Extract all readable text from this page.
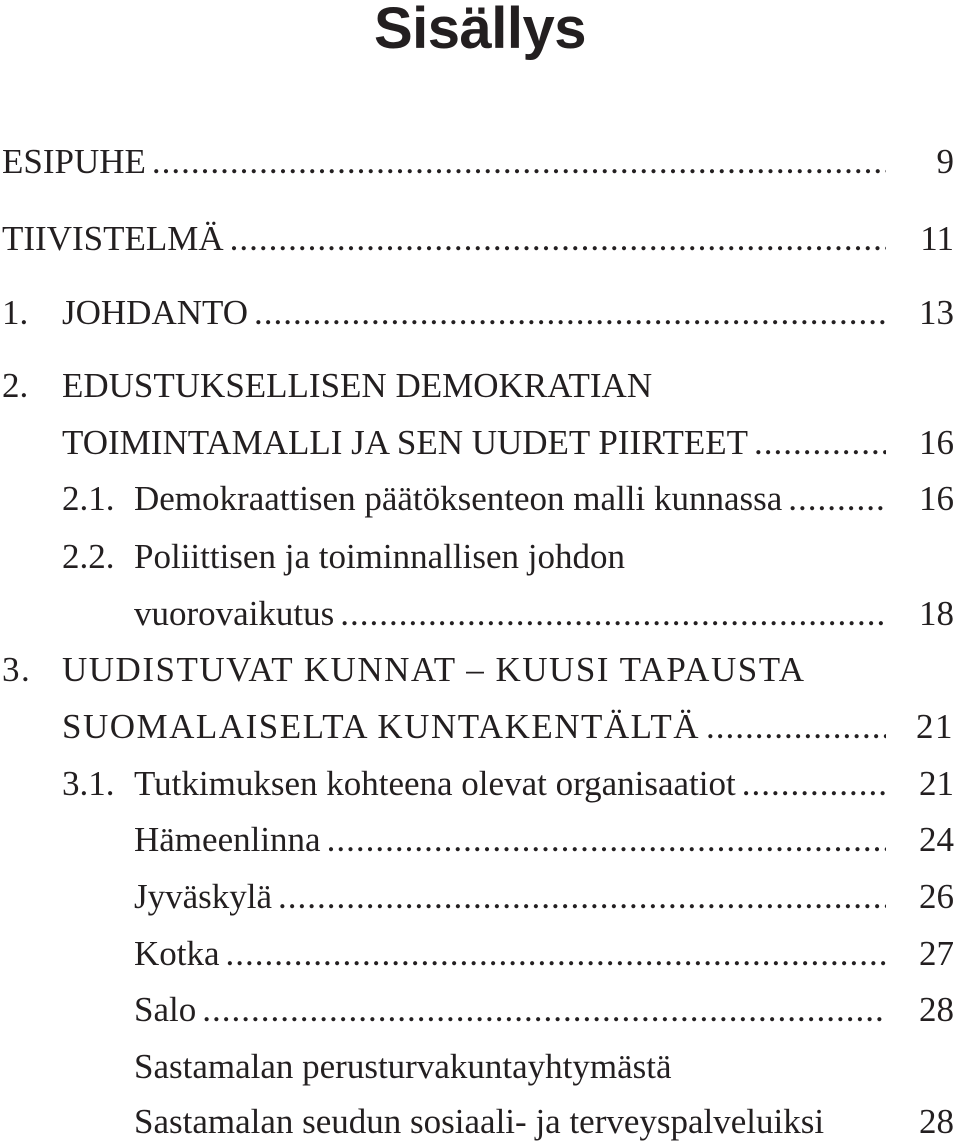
Sisällys
ESIPUHE .....	9
TIIVISTELMÄ .....	11
1. JOHDANTO .....	13
2. EDUSTUKSELLISEN DEMOKRATIAN
TOIMINTAMALLI JA SEN UUDET PIIRTEET .....	16
2.1. Demokraattisen päätöksenteon malli kunnassa .....	16
2.2. Poliittisen ja toiminnallisen johdon
vuorovaikutus .....	18
3. UUDISTUVAT KUNNAT – KUUSI TAPAUSTA
SUOMALAISELTA KUNTAKENTÄLTÄ .....	21
3.1. Tutkimuksen kohteena olevat organisaatiot .....	21
Hämeenlinna .....	24
Jyväskylä .....	26
Kotka .....	27
Salo .....	28
Sastamalan perusturvakuntayhtymästä
Sastamalan seudun sosiaali- ja terveyspalveluiksi	28
